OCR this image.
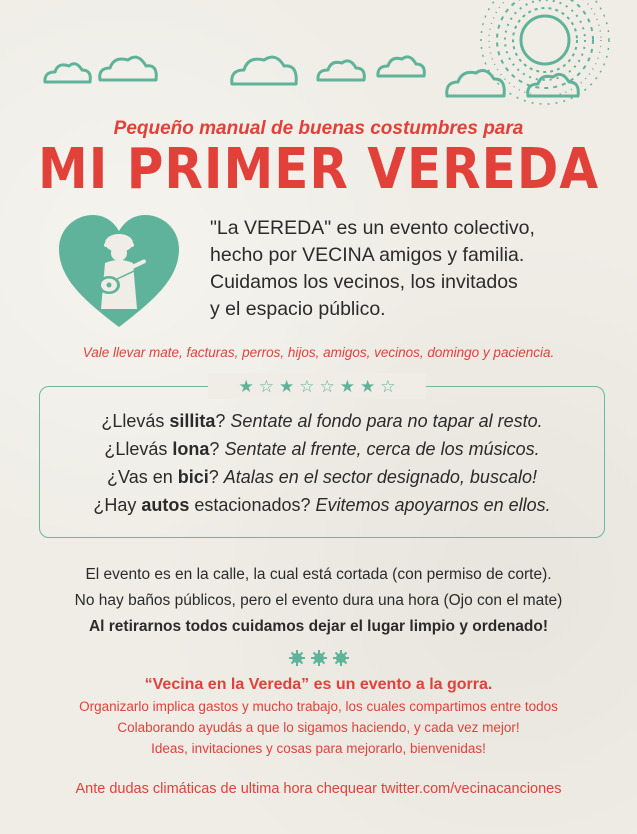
Pequeño manual de buenas costumbres para
MI PRIMER VEREDA
"La VEREDA" es un evento colectivo,
hecho por VECINA amigos y familia.
Cuidamos los vecinos, los invitados
y el espacio público.
Vale llevar mate, facturas, perros, hijos, amigos, vecinos, domingo y paciencia.
★ ☆ ★ ☆ ☆ ★ ★ ☆
¿Llevás sillita? Sentate al fondo para no tapar al resto.
¿Llevás lona? Sentate al frente, cerca de los músicos.
¿Vas en bici? Atalas en el sector designado, buscalo!
¿Hay autos estacionados? Evitemos apoyarnos en ellos.
El evento es en la calle, la cual está cortada (con permiso de corte).
No hay baños públicos, pero el evento dura una hora (Ojo con el mate)
Al retirarnos todos cuidamos dejar el lugar limpio y ordenado!
“Vecina en la Vereda” es un evento a la gorra.
Organizarlo implica gastos y mucho trabajo, los cuales compartimos entre todos
Colaborando ayudás a que lo sigamos haciendo, y cada vez mejor!
Ideas, invitaciones y cosas para mejorarlo, bienvenidas!
Ante dudas climáticas de ultima hora chequear twitter.com/vecinacanciones
